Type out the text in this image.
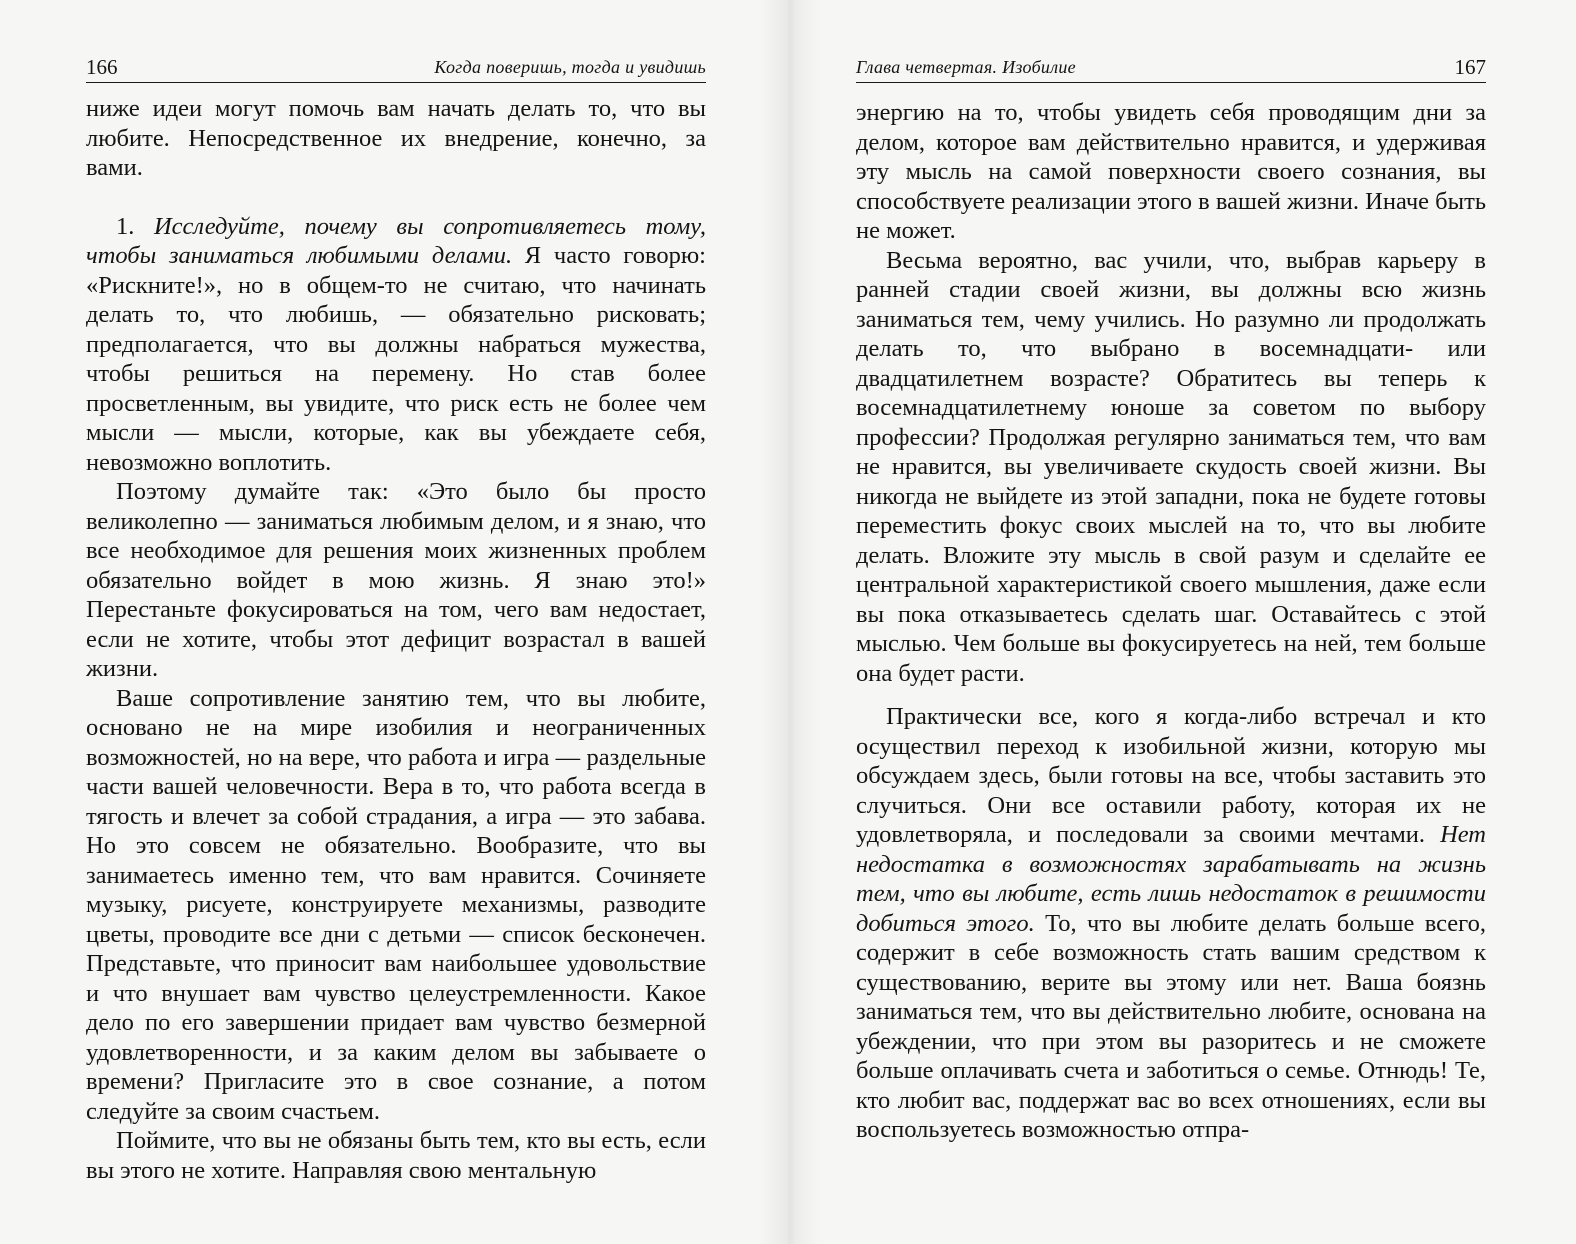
166	Когда поверишь, тогда и увидишь

ниже идеи могут помочь вам начать делать то, что вы любите. Непосредственное их внедрение, конечно, за вами.

1. Исследуйте, почему вы сопротивляетесь тому, чтобы заниматься любимыми делами. Я часто говорю: «Рискните!», но в общем-то не считаю, что начинать делать то, что любишь, — обязательно рисковать; предполагается, что вы должны набраться мужества, чтобы решиться на перемену. Но став более просветленным, вы увидите, что риск есть не более чем мысли — мысли, которые, как вы убеждаете себя, невозможно воплотить.

Поэтому думайте так: «Это было бы просто великолепно — заниматься любимым делом, и я знаю, что все необходимое для решения моих жизненных проблем обязательно войдет в мою жизнь. Я знаю это!» Перестаньте фокусироваться на том, чего вам недостает, если не хотите, чтобы этот дефицит возрастал в вашей жизни.

Ваше сопротивление занятию тем, что вы любите, основано не на мире изобилия и неограниченных возможностей, но на вере, что работа и игра — раздельные части вашей человечности. Вера в то, что работа всегда в тягость и влечет за собой страдания, а игра — это забава. Но это совсем не обязательно. Вообразите, что вы занимаетесь именно тем, что вам нравится. Сочиняете музыку, рисуете, конструируете механизмы, разводите цветы, проводите все дни с детьми — список бесконечен. Представьте, что приносит вам наибольшее удовольствие и что внушает вам чувство целеустремленности. Какое дело по его завершении придает вам чувство безмерной удовлетворенности, и за каким делом вы забываете о времени? Пригласите это в свое сознание, а потом следуйте за своим счастьем.

Поймите, что вы не обязаны быть тем, кто вы есть, если вы этого не хотите. Направляя свою ментальную

Глава четвертая. Изобилие	167

энергию на то, чтобы увидеть себя проводящим дни за делом, которое вам действительно нравится, и удерживая эту мысль на самой поверхности своего сознания, вы способствуете реализации этого в вашей жизни. Иначе быть не может.

Весьма вероятно, вас учили, что, выбрав карьеру в ранней стадии своей жизни, вы должны всю жизнь заниматься тем, чему учились. Но разумно ли продолжать делать то, что выбрано в восемнадцати- или двадцатилетнем возрасте? Обратитесь вы теперь к восемнадцатилетнему юноше за советом по выбору профессии? Продолжая регулярно заниматься тем, что вам не нравится, вы увеличиваете скудость своей жизни. Вы никогда не выйдете из этой западни, пока не будете готовы переместить фокус своих мыслей на то, что вы любите делать. Вложите эту мысль в свой разум и сделайте ее центральной характеристикой своего мышления, даже если вы пока отказываетесь сделать шаг. Оставайтесь с этой мыслью. Чем больше вы фокусируетесь на ней, тем больше она будет расти.

Практически все, кого я когда-либо встречал и кто осуществил переход к изобильной жизни, которую мы обсуждаем здесь, были готовы на все, чтобы заставить это случиться. Они все оставили работу, которая их не удовлетворяла, и последовали за своими мечтами. Нет недостатка в возможностях зарабатывать на жизнь тем, что вы любите, есть лишь недостаток в решимости добиться этого. То, что вы любите делать больше всего, содержит в себе возможность стать вашим средством к существованию, верите вы этому или нет. Ваша боязнь заниматься тем, что вы действительно любите, основана на убеждении, что при этом вы разоритесь и не сможете больше оплачивать счета и заботиться о семье. Отнюдь! Те, кто любит вас, поддержат вас во всех отношениях, если вы воспользуетесь возможностью отпра-
